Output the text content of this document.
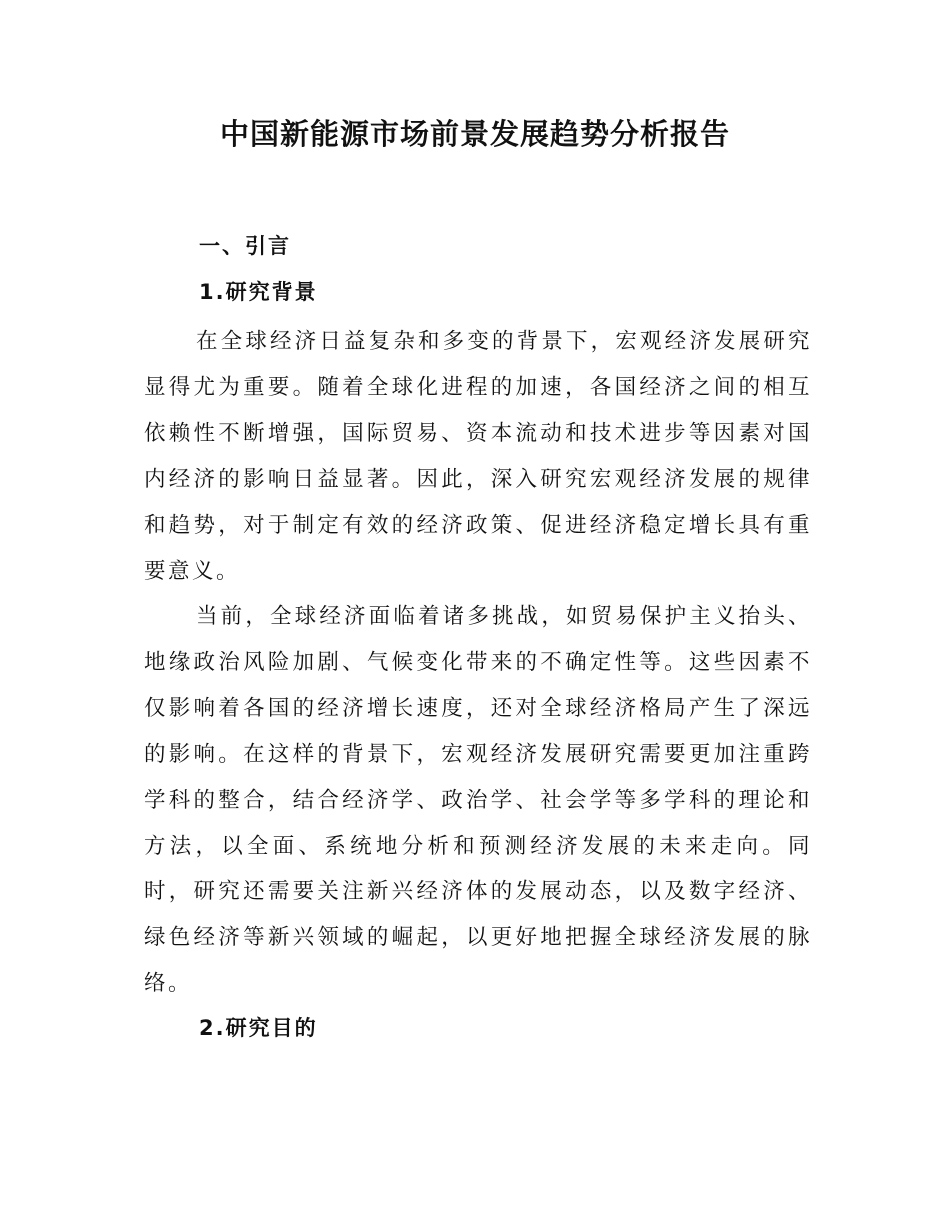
中国新能源市场前景发展趋势分析报告
一、引言
1.研究背景

在全球经济日益复杂和多变的背景下，宏观经济发展研究显得尤为重要。随着全球化进程的加速，各国经济之间的相互依赖性不断增强，国际贸易、资本流动和技术进步等因素对国内经济的影响日益显著。因此，深入研究宏观经济发展的规律和趋势，对于制定有效的经济政策、促进经济稳定增长具有重要意义。

当前，全球经济面临着诸多挑战，如贸易保护主义抬头、地缘政治风险加剧、气候变化带来的不确定性等。这些因素不仅影响着各国的经济增长速度，还对全球经济格局产生了深远的影响。在这样的背景下，宏观经济发展研究需要更加注重跨学科的整合，结合经济学、政治学、社会学等多学科的理论和方法，以全面、系统地分析和预测经济发展的未来走向。同时，研究还需要关注新兴经济体的发展动态，以及数字经济、绿色经济等新兴领域的崛起，以更好地把握全球经济发展的脉络。

2.研究目的
